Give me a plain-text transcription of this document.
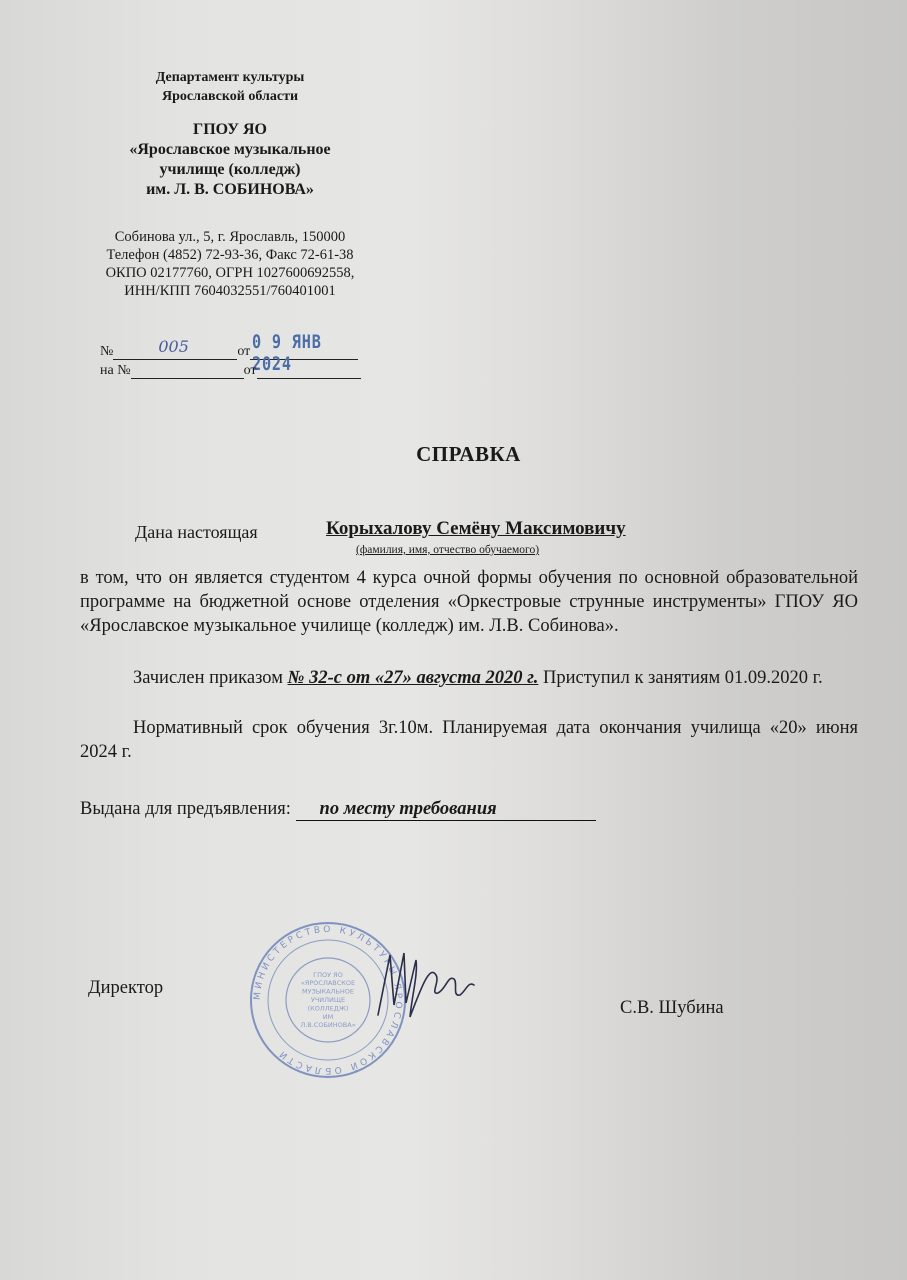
Департамент культуры
Ярославской области
ГПОУ ЯО
«Ярославское музыкальное
училище (колледж)
им. Л. В. СОБИНОВА»
Собинова ул., 5, г. Ярославль, 150000
Телефон (4852) 72-93-36, Факс 72-61-38
ОКПО 02177760, ОГРН 1027600692558,
ИНН/КПП 7604032551/760401001
№	005	от 0 9 ЯНВ 2024
на №	от
СПРАВКА
Дана настоящая	Корыхалову Семёну Максимовичу
(фамилия, имя, отчество обучаемого)
в том, что он является студентом 4 курса очной формы обучения по основной образовательной программе на бюджетной основе отделения «Оркестровые струнные инструменты» ГПОУ ЯО «Ярославское музыкальное училище (колледж) им. Л.В. Собинова».
Зачислен приказом № 32-с от «27» августа 2020 г. Приступил к занятиям 01.09.2020 г.
Нормативный срок обучения 3г.10м. Планируемая дата окончания училища «20» июня 2024 г.
Выдана для предъявления: по месту требования
Директор	МИНИСТЕРСТВО КУЛЬТУРЫ ЯРОСЛАВСКОЙ ОБЛАСТИ
ГПОУ ЯО
«ЯРОСЛАВСКОЕ
МУЗЫКАЛЬНОЕ
УЧИЛИЩЕ
(КОЛЛЕДЖ)
ИМ
Л.В.СОБИНОВА»
С.В. Шубина
